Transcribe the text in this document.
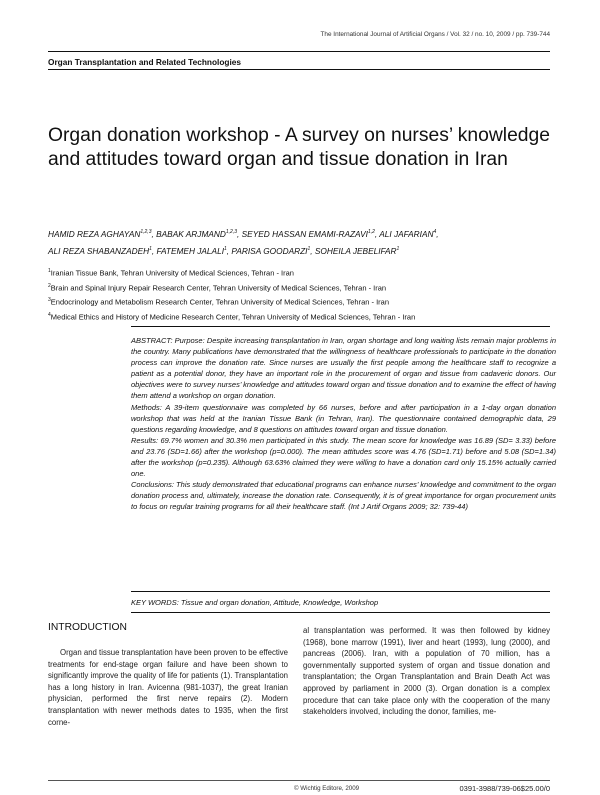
The International Journal of Artificial Organs / Vol. 32 / no. 10, 2009 / pp. 739-744
Organ Transplantation and Related Technologies
Organ donation workshop - A survey on nurses’ knowledge and attitudes toward organ and tissue donation in Iran
HAMID REZA AGHAYAN$^{1,2,3}$, BABAK ARJMAND$^{1,2,3}$, SEYED HASSAN EMAMI-RAZAVI$^{1,2}$, ALI JAFARIAN$^4$,
ALI REZA SHABANZADEH$^1$, FATEMEH JALALI$^1$, PARISA GOODARZI$^1$, SOHEILA JEBELIFAR$^1$
$^1$Iranian Tissue Bank, Tehran University of Medical Sciences, Tehran - Iran
$^2$Brain and Spinal Injury Repair Research Center, Tehran University of Medical Sciences, Tehran - Iran
$^3$Endocrinology and Metabolism Research Center, Tehran University of Medical Sciences, Tehran - Iran
$^4$Medical Ethics and History of Medicine Research Center, Tehran University of Medical Sciences, Tehran - Iran

ABSTRACT: Purpose: Despite increasing transplantation in Iran, organ shortage and long waiting lists remain major problems in the country. Many publications have demonstrated that the willingness of healthcare professionals to participate in the donation process can improve the donation rate. Since nurses are usually the first people among the healthcare staff to recognize a patient as a potential donor, they have an important role in the procurement of organ and tissue from cadaveric donors. Our objectives were to survey nurses’ knowledge and attitudes toward organ and tissue donation and to examine the effect of having them attend a workshop on organ donation.

Methods: A 39-item questionnaire was completed by 66 nurses, before and after participation in a 1-day organ donation workshop that was held at the Iranian Tissue Bank (in Tehran, Iran). The questionnaire contained demographic data, 29 questions regarding knowledge, and 8 questions on attitudes toward organ and tissue donation.

Results: 69.7% women and 30.3% men participated in this study. The mean score for knowledge was 16.89 (SD= 3.33) before and 23.76 (SD=1.66) after the workshop (p=0.000). The mean attitudes score was 4.76 (SD=1.71) before and 5.08 (SD=1.34) after the workshop (p=0.235). Although 63.63% claimed they were willing to have a donation card only 15.15% actually carried one.

Conclusions: This study demonstrated that educational programs can enhance nurses’ knowledge and commitment to the organ donation process and, ultimately, increase the donation rate. Consequently, it is of great importance for organ procurement units to focus on regular training programs for all their healthcare staff. (Int J Artif Organs 2009; 32: 739-44)

KEY WORDS: Tissue and organ donation, Attitude, Knowledge, Workshop
INTRODUCTION

Organ and tissue transplantation have been proven to be effective treatments for end-stage organ failure and have been shown to significantly improve the quality of life for patients (1). Transplantation has a long history in Iran. Avicenna (981-1037), the great Iranian physician, performed the first nerve repairs (2). Modern transplantation with newer methods dates to 1935, when the first corne-

al transplantation was performed. It was then followed by kidney (1968), bone marrow (1991), liver and heart (1993), lung (2000), and pancreas (2006). Iran, with a population of 70 million, has a governmentally supported system of organ and tissue donation and transplantation; the Organ Transplantation and Brain Death Act was approved by parliament in 2000 (3). Organ donation is a complex procedure that can take place only with the cooperation of the many stakeholders involved, including the donor, families, me-

© Wichtig Editore, 2009	0391-3988/739-06$25.00/0
